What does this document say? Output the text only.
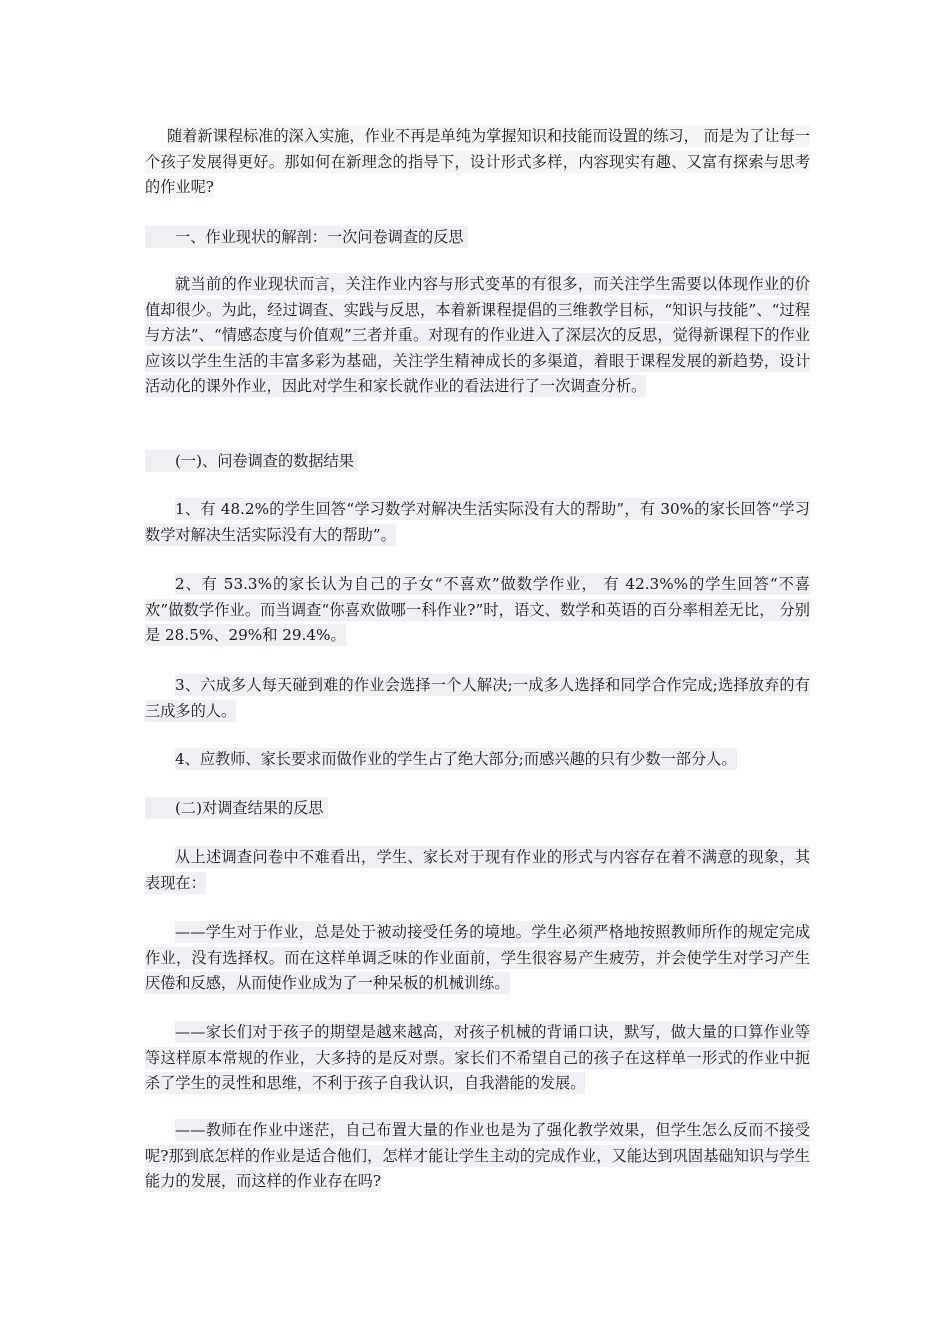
随着新课程标准的深入实施，作业不再是单纯为掌握知识和技能而设置的练习， 而是为了让每一个孩子发展得更好。那如何在新理念的指导下，设计形式多样，内容现实有趣、又富有探索与思考的作业呢?

一、作业现状的解剖：一次问卷调查的反思

就当前的作业现状而言，关注作业内容与形式变革的有很多，而关注学生需要以体现作业的价值却很少。为此，经过调查、实践与反思，本着新课程提倡的三维教学目标，“知识与技能”、“过程与方法”、“情感态度与价值观”三者并重。对现有的作业进入了深层次的反思，觉得新课程下的作业应该以学生生活的丰富多彩为基础，关注学生精神成长的多渠道，着眼于课程发展的新趋势，设计活动化的课外作业，因此对学生和家长就作业的看法进行了一次调查分析。

(一)、问卷调查的数据结果

1、有 48.2%的学生回答“学习数学对解决生活实际没有大的帮助”，有 30%的家长回答“学习数学对解决生活实际没有大的帮助”。

2、有 53.3%的家长认为自己的子女“不喜欢”做数学作业， 有 42.3%%的学生回答“不喜欢”做数学作业。而当调查“你喜欢做哪一科作业?”时，语文、数学和英语的百分率相差无比， 分别是 28.5%、29%和 29.4%。

3、六成多人每天碰到难的作业会选择一个人解决;一成多人选择和同学合作完成;选择放弃的有三成多的人。

4、应教师、家长要求而做作业的学生占了绝大部分;而感兴趣的只有少数一部分人。

(二)对调查结果的反思

从上述调查问卷中不难看出，学生、家长对于现有作业的形式与内容存在着不满意的现象，其表现在：

——学生对于作业，总是处于被动接受任务的境地。学生必须严格地按照教师所作的规定完成作业，没有选择权。而在这样单调乏味的作业面前，学生很容易产生疲劳，并会使学生对学习产生厌倦和反感，从而使作业成为了一种呆板的机械训练。

——家长们对于孩子的期望是越来越高，对孩子机械的背诵口诀，默写，做大量的口算作业等等这样原本常规的作业，大多持的是反对票。家长们不希望自己的孩子在这样单一形式的作业中扼杀了学生的灵性和思维，不利于孩子自我认识，自我潜能的发展。

——教师在作业中迷茫，自己布置大量的作业也是为了强化教学效果，但学生怎么反而不接受呢?那到底怎样的作业是适合他们，怎样才能让学生主动的完成作业，又能达到巩固基础知识与学生能力的发展，而这样的作业存在吗?
